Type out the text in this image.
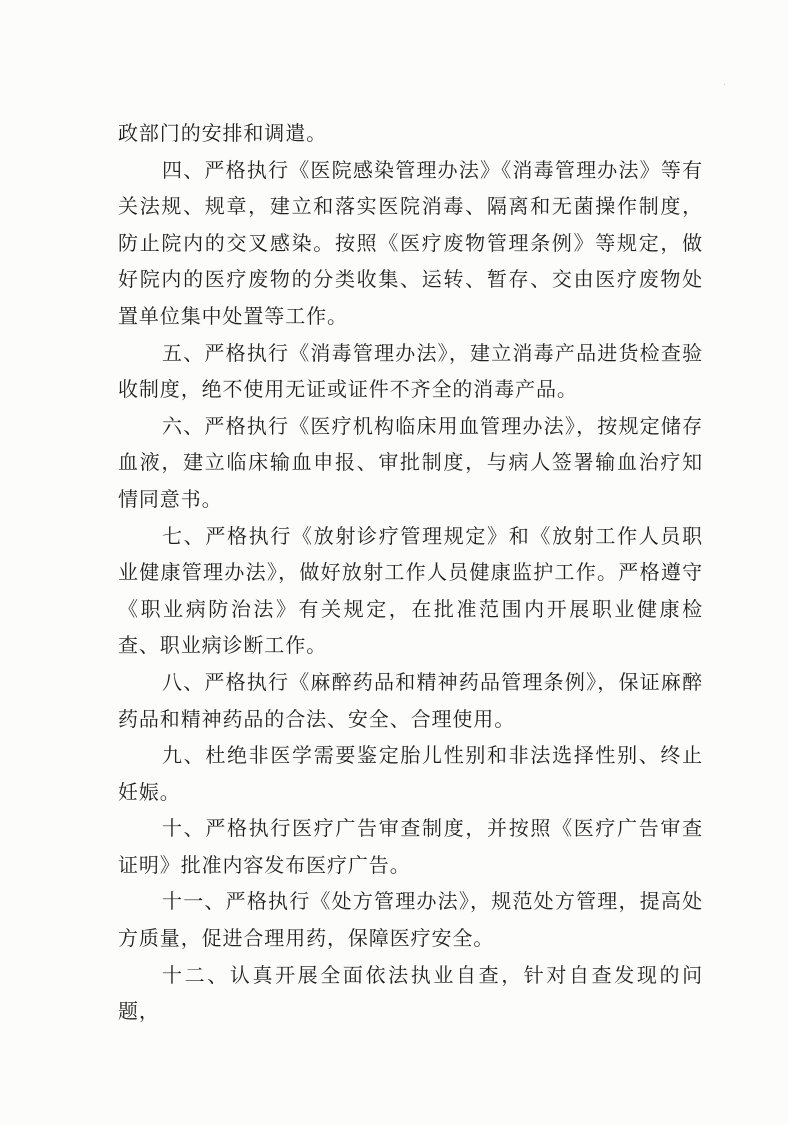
政部门的安排和调遣。

四、严格执行《医院感染管理办法》《消毒管理办法》等有关法规、规章，建立和落实医院消毒、隔离和无菌操作制度，防止院内的交叉感染。按照《医疗废物管理条例》等规定，做好院内的医疗废物的分类收集、运转、暂存、交由医疗废物处置单位集中处置等工作。

五、严格执行《消毒管理办法》，建立消毒产品进货检查验收制度，绝不使用无证或证件不齐全的消毒产品。

六、严格执行《医疗机构临床用血管理办法》，按规定储存血液，建立临床输血申报、审批制度，与病人签署输血治疗知情同意书。

七、严格执行《放射诊疗管理规定》和《放射工作人员职业健康管理办法》，做好放射工作人员健康监护工作。严格遵守《职业病防治法》有关规定，在批准范围内开展职业健康检查、职业病诊断工作。

八、严格执行《麻醉药品和精神药品管理条例》，保证麻醉药品和精神药品的合法、安全、合理使用。

九、杜绝非医学需要鉴定胎儿性别和非法选择性别、终止妊娠。

十、严格执行医疗广告审查制度，并按照《医疗广告审查证明》批准内容发布医疗广告。

十一、严格执行《处方管理办法》，规范处方管理，提高处方质量，促进合理用药，保障医疗安全。

十二、认真开展全面依法执业自查，针对自查发现的问题，
